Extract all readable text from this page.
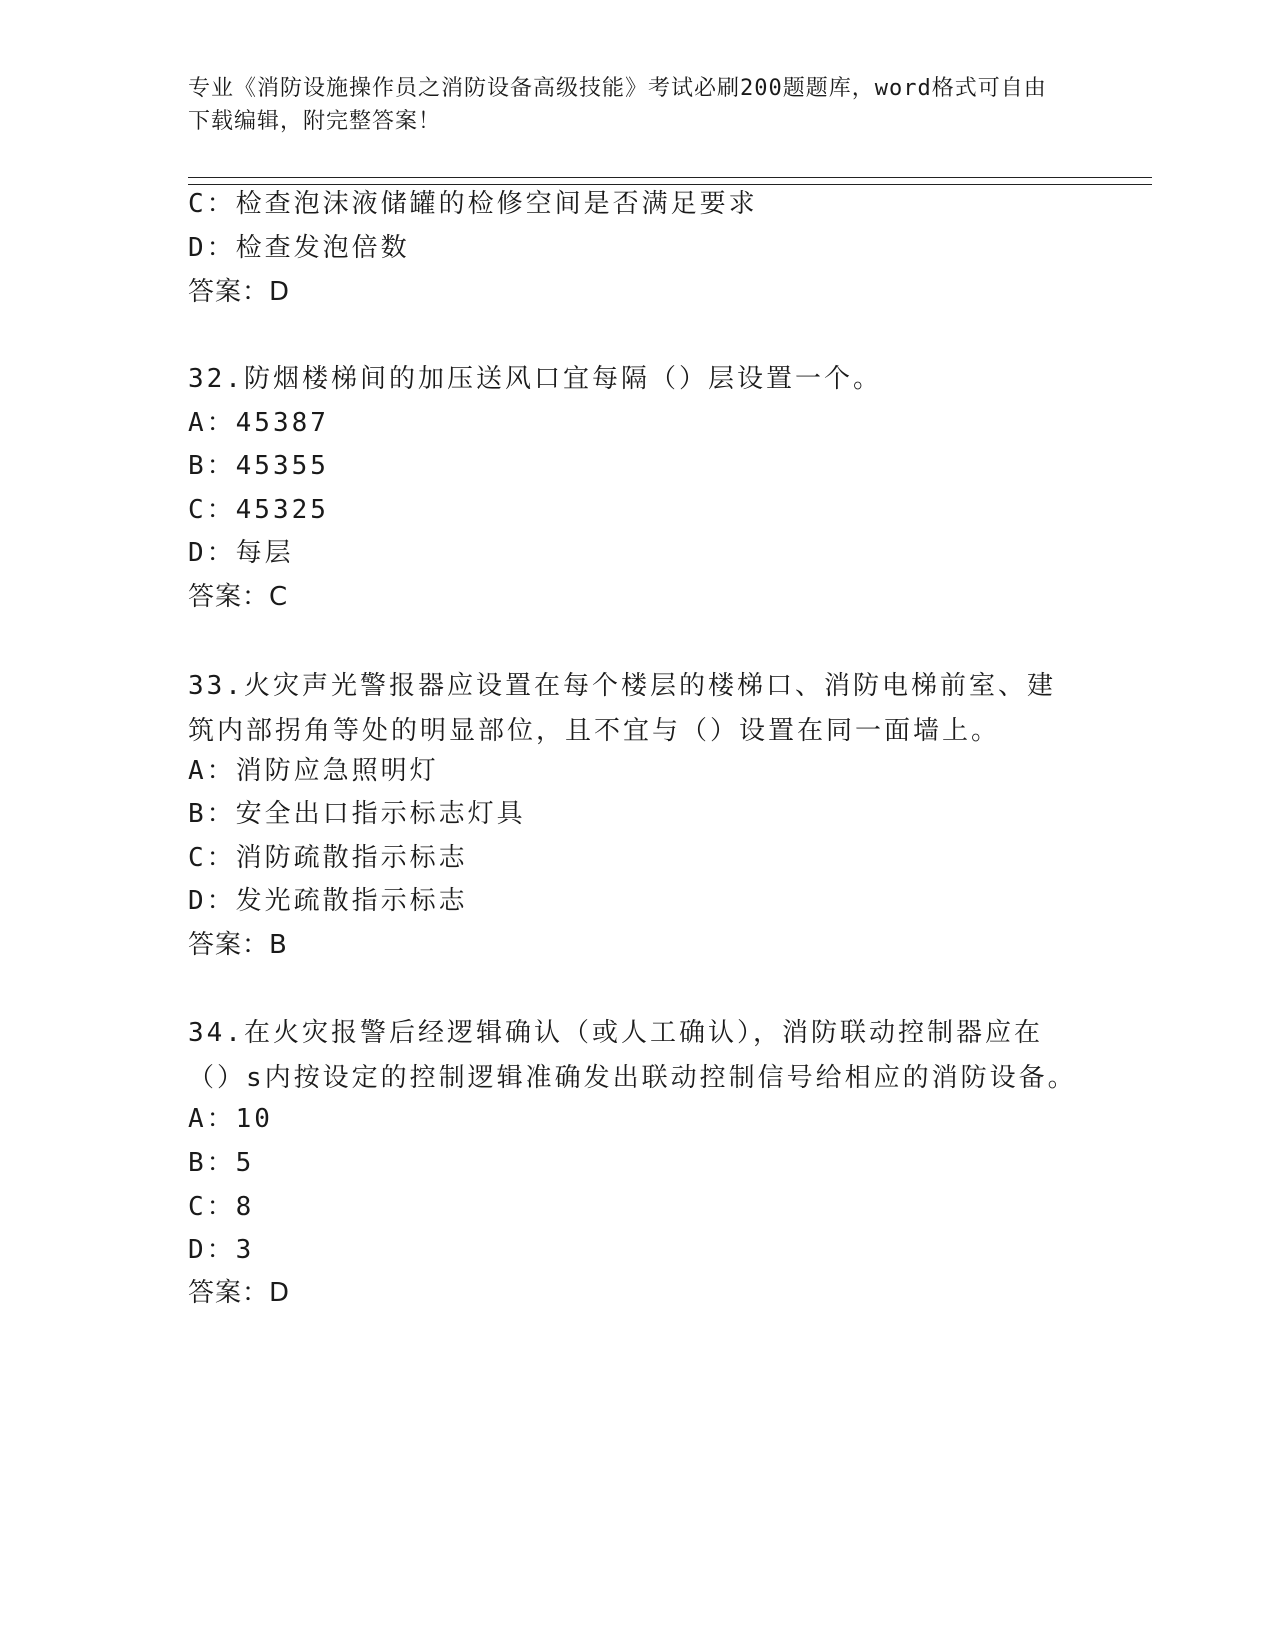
专业《消防设施操作员之消防设备高级技能》考试必刷200题题库，word格式可自由下载编辑，附完整答案！
C：检查泡沫液储罐的检修空间是否满足要求
D：检查发泡倍数
答案：D
32.防烟楼梯间的加压送风口宜每隔（）层设置一个。
A：45387
B：45355
C：45325
D：每层
答案：C
33.火灾声光警报器应设置在每个楼层的楼梯口、消防电梯前室、建筑内部拐角等处的明显部位，且不宜与（）设置在同一面墙上。
A：消防应急照明灯
B：安全出口指示标志灯具
C：消防疏散指示标志
D：发光疏散指示标志
答案：B
34.在火灾报警后经逻辑确认（或人工确认），消防联动控制器应在（）s内按设定的控制逻辑准确发出联动控制信号给相应的消防设备。
A：10
B：5
C：8
D：3
答案：D
